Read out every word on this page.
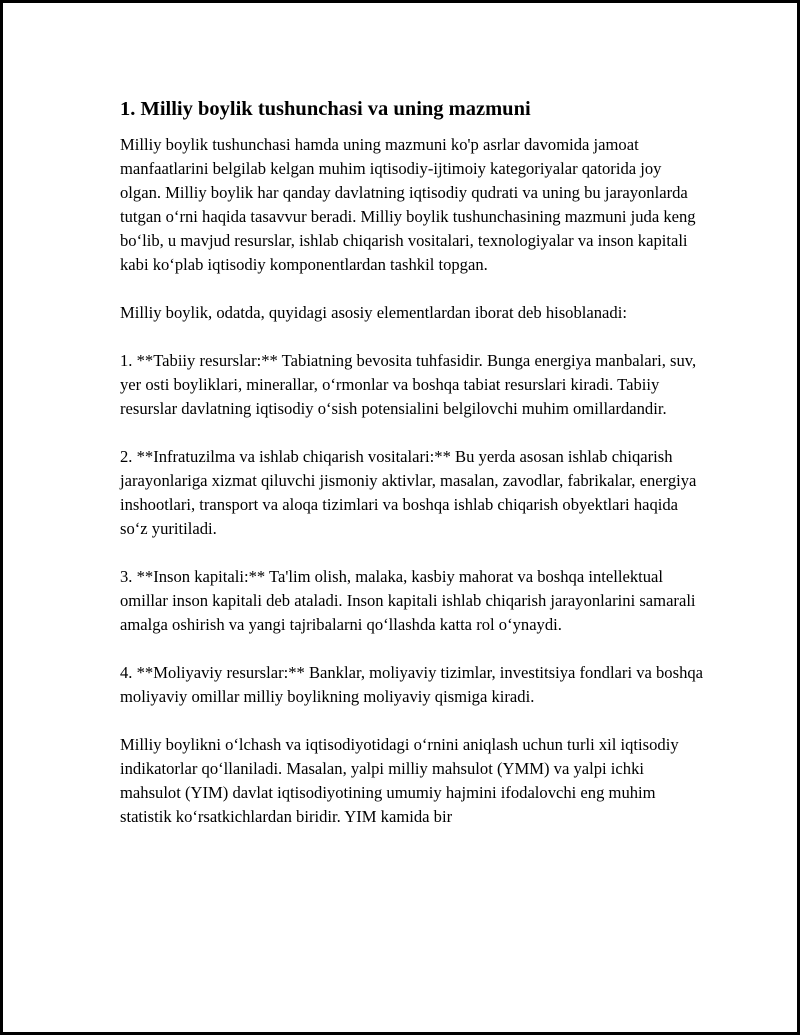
1. Milliy boylik tushunchasi va uning mazmuni

Milliy boylik tushunchasi hamda uning mazmuni ko'p asrlar davomida jamoat manfaatlarini belgilab kelgan muhim iqtisodiy-ijtimoiy kategoriyalar qatorida joy olgan. Milliy boylik har qanday davlatning iqtisodiy qudrati va uning bu jarayonlarda tutgan o‘rni haqida tasavvur beradi. Milliy boylik tushunchasining mazmuni juda keng bo‘lib, u mavjud resurslar, ishlab chiqarish vositalari, texnologiyalar va inson kapitali kabi ko‘plab iqtisodiy komponentlardan tashkil topgan.

Milliy boylik, odatda, quyidagi asosiy elementlardan iborat deb hisoblanadi:

1. **Tabiiy resurslar:** Tabiatning bevosita tuhfasidir. Bunga energiya manbalari, suv, yer osti boyliklari, minerallar, o‘rmonlar va boshqa tabiat resurslari kiradi. Tabiiy resurslar davlatning iqtisodiy o‘sish potensialini belgilovchi muhim omillardandir.

2. **Infratuzilma va ishlab chiqarish vositalari:** Bu yerda asosan ishlab chiqarish jarayonlariga xizmat qiluvchi jismoniy aktivlar, masalan, zavodlar, fabrikalar, energiya inshootlari, transport va aloqa tizimlari va boshqa ishlab chiqarish obyektlari haqida so‘z yuritiladi.

3. **Inson kapitali:** Ta'lim olish, malaka, kasbiy mahorat va boshqa intellektual omillar inson kapitali deb ataladi. Inson kapitali ishlab chiqarish jarayonlarini samarali amalga oshirish va yangi tajribalarni qo‘llashda katta rol o‘ynaydi.

4. **Moliyaviy resurslar:** Banklar, moliyaviy tizimlar, investitsiya fondlari va boshqa moliyaviy omillar milliy boylikning moliyaviy qismiga kiradi.

Milliy boylikni o‘lchash va iqtisodiyotidagi o‘rnini aniqlash uchun turli xil iqtisodiy indikatorlar qo‘llaniladi. Masalan, yalpi milliy mahsulot (YMM) va yalpi ichki mahsulot (YIM) davlat iqtisodiyotining umumiy hajmini ifodalovchi eng muhim statistik ko‘rsatkichlardan biridir. YIM kamida bir
